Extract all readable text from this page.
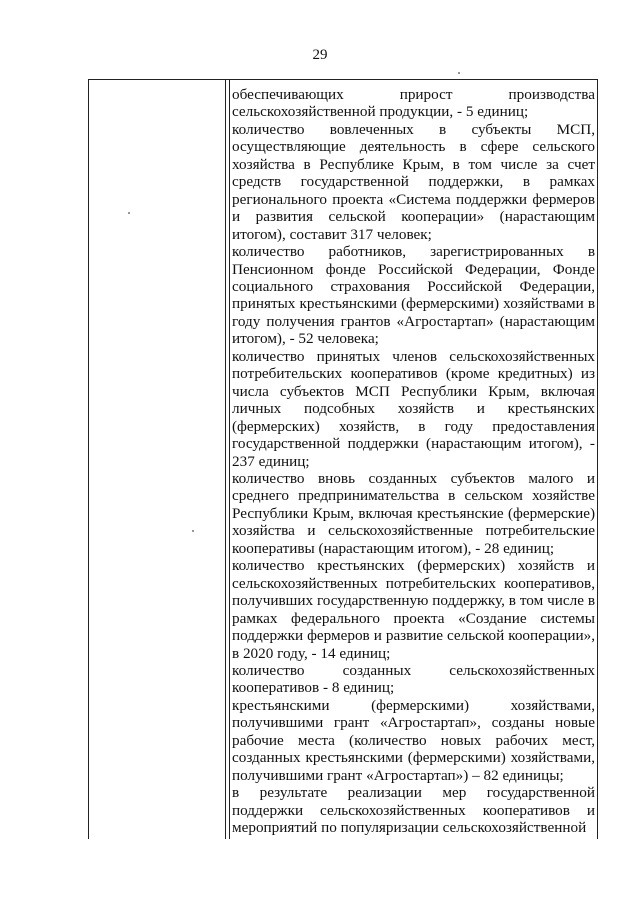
29

обеспечивающих прирост производства сельскохозяйственной продукции, - 5 единиц;

количество вовлеченных в субъекты МСП, осуществляющие деятельность в сфере сельского хозяйства в Республике Крым, в том числе за счет средств государственной поддержки, в рамках регионального проекта «Система поддержки фермеров и развития сельской кооперации» (нарастающим итогом), составит 317 человек;

количество работников, зарегистрированных в Пенсионном фонде Российской Федерации, Фонде социального страхования Российской Федерации, принятых крестьянскими (фермерскими) хозяйствами в году получения грантов «Агростартап» (нарастающим итогом), - 52 человека;

количество принятых членов сельскохозяйственных потребительских кооперативов (кроме кредитных) из числа субъектов МСП Республики Крым, включая личных подсобных хозяйств и крестьянских (фермерских) хозяйств, в году предоставления государственной поддержки (нарастающим итогом), - 237 единиц;

количество вновь созданных субъектов малого и среднего предпринимательства в сельском хозяйстве Республики Крым, включая крестьянские (фермерские) хозяйства и сельскохозяйственные потребительские кооперативы (нарастающим итогом), - 28 единиц;

количество крестьянских (фермерских) хозяйств и сельскохозяйственных потребительских кооперативов, получивших государственную поддержку, в том числе в рамках федерального проекта «Создание системы поддержки фермеров и развитие сельской кооперации», в 2020 году, - 14 единиц;

количество созданных сельскохозяйственных кооперативов - 8 единиц;

крестьянскими (фермерскими) хозяйствами, получившими грант «Агростартап», созданы новые рабочие места (количество новых рабочих мест, созданных крестьянскими (фермерскими) хозяйствами, получившими грант «Агростартап») – 82 единицы;

в результате реализации мер государственной поддержки сельскохозяйственных кооперативов и мероприятий по популяризации сельскохозяйственной
